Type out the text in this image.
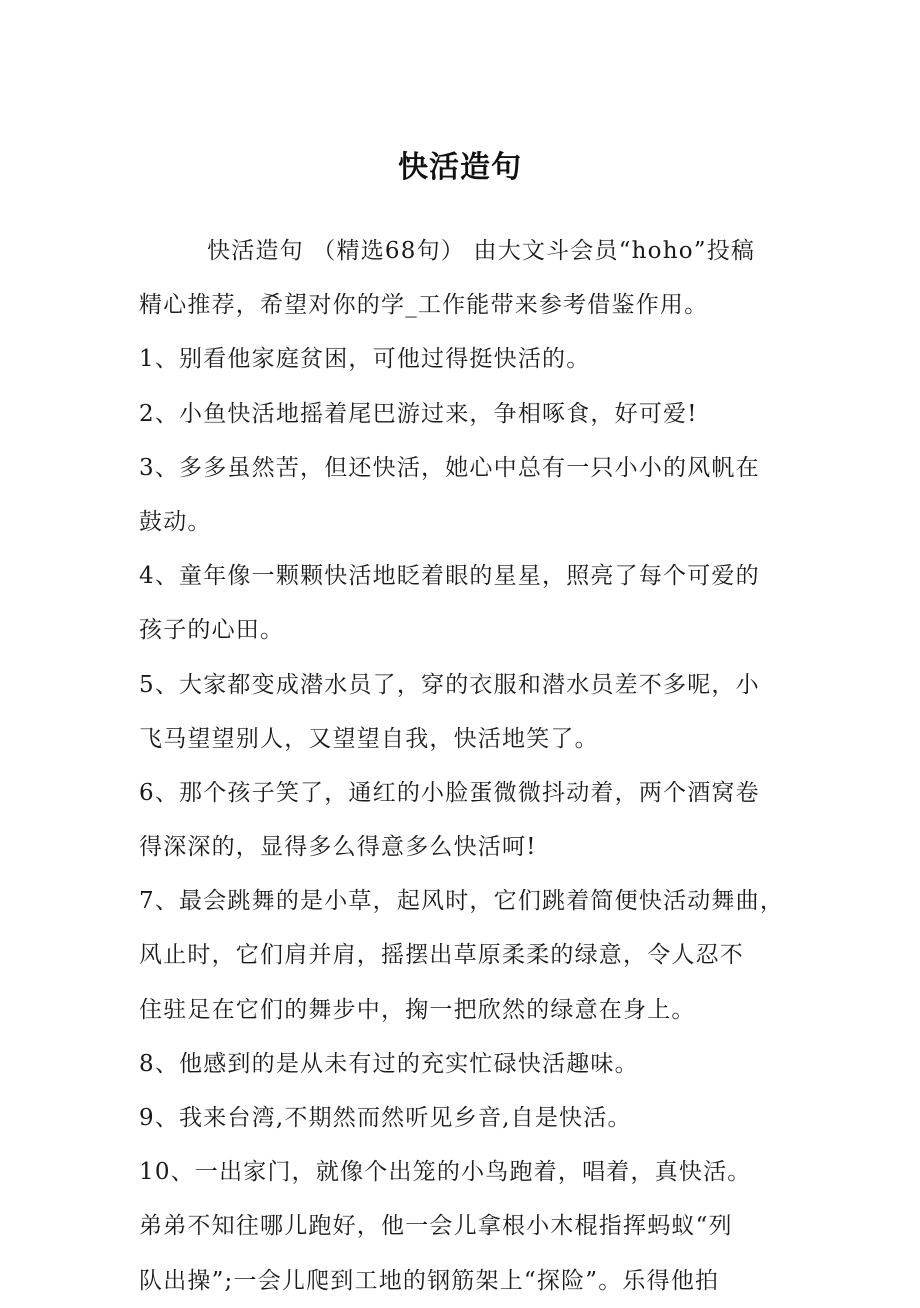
快活造句
快活造句 （精选68句） 由大文斗会员“hoho”投稿
精心推荐，希望对你的学_工作能带来参考借鉴作用。
1、别看他家庭贫困，可他过得挺快活的。
2、小鱼快活地摇着尾巴游过来，争相啄食，好可爱!
3、多多虽然苦，但还快活，她心中总有一只小小的风帆在
鼓动。
4、童年像一颗颗快活地眨着眼的星星，照亮了每个可爱的
孩子的心田。
5、大家都变成潜水员了，穿的衣服和潜水员差不多呢，小
飞马望望别人，又望望自我，快活地笑了。
6、那个孩子笑了，通红的小脸蛋微微抖动着，两个酒窝卷
得深深的，显得多么得意多么快活呵!
7、最会跳舞的是小草，起风时，它们跳着简便快活动舞曲，
风止时，它们肩并肩，摇摆出草原柔柔的绿意，令人忍不
住驻足在它们的舞步中，掬一把欣然的绿意在身上。
8、他感到的是从未有过的充实忙碌快活趣味。
9、我来台湾,不期然而然听见乡音,自是快活。
10、一出家门，就像个出笼的小鸟跑着，唱着，真快活。
弟弟不知往哪儿跑好，他一会儿拿根小木棍指挥蚂蚁“列
队出操”;一会儿爬到工地的钢筋架上“探险”。乐得他拍
